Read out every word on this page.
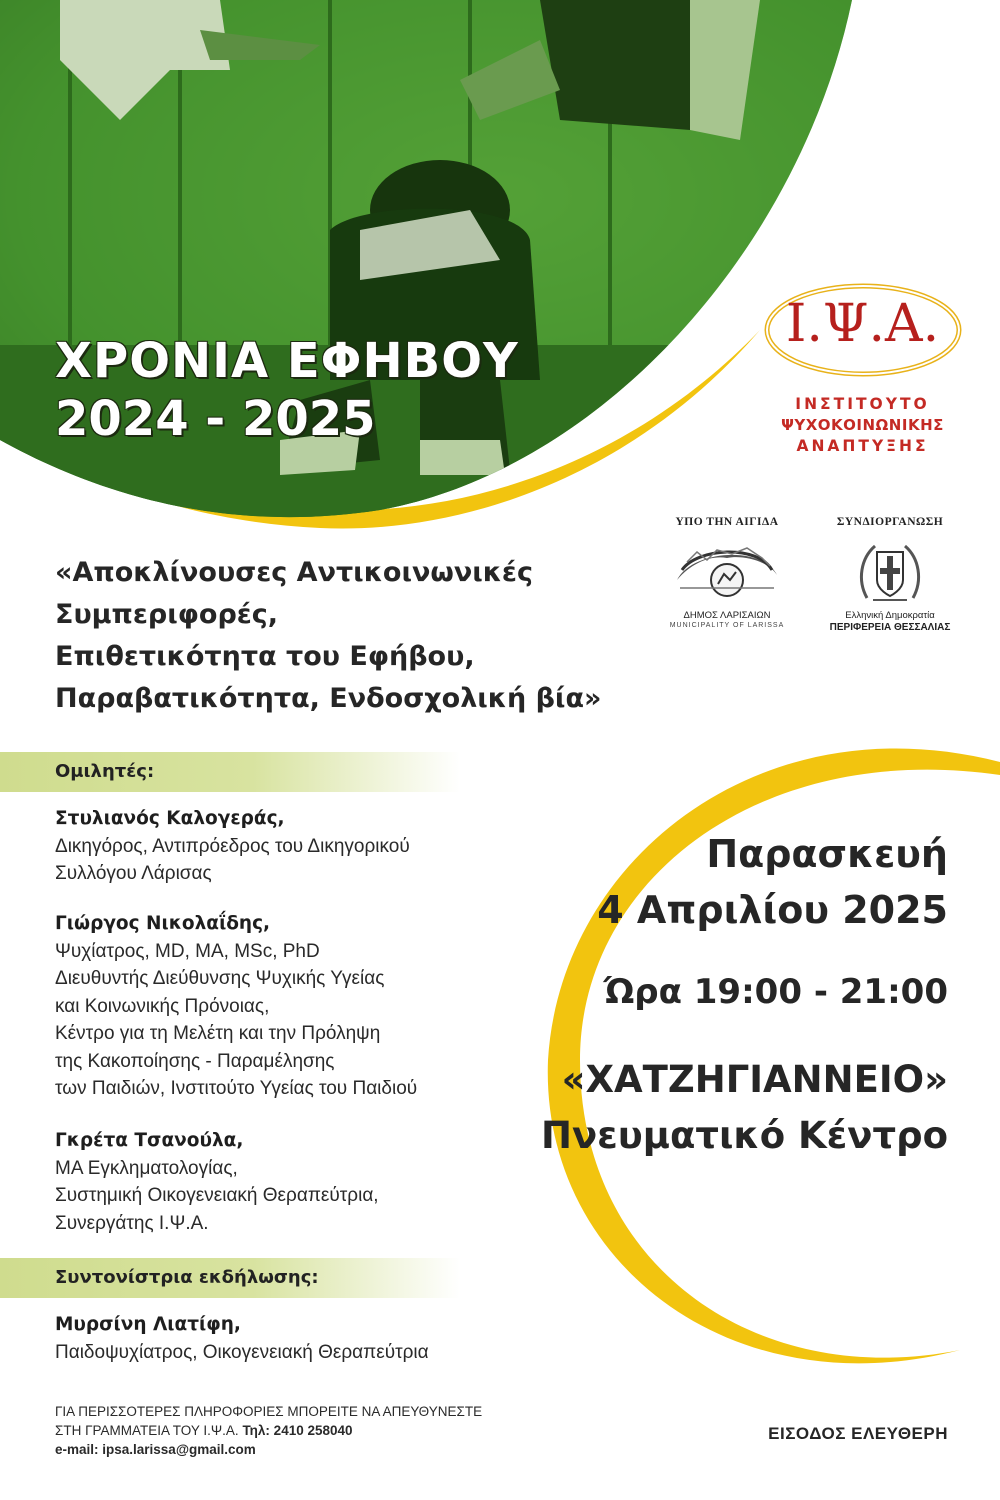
ΧΡΟΝΙΑ ΕΦΗΒΟΥ
2024 - 2025
Ι.Ψ.Α.
ΙΝΣΤΙΤΟΥΤΟ
ΨΥΧΟΚΟΙΝΩΝΙΚΗΣ
ΑΝΑΠΤΥΞΗΣ
ΥΠΟ ΤΗΝ ΑΙΓΙΔΑ
ΔΗΜΟΣ ΛΑΡΙΣΑΙΩΝ
MUNICIPALITY OF LARISSA
ΣΥΝΔΙΟΡΓΑΝΩΣΗ
Ελληνική Δημοκρατία
ΠΕΡΙΦΕΡΕΙΑ ΘΕΣΣΑΛΙΑΣ
«Αποκλίνουσες Αντικοινωνικές
Συμπεριφορές,
Επιθετικότητα του Εφήβου,
Παραβατικότητα, Ενδοσχολική βία»
Ομιλητές:
Στυλιανός Καλογεράς,
Δικηγόρος, Αντιπρόεδρος του Δικηγορικού
Συλλόγου Λάρισας
Γιώργος Νικολαΐδης,
Ψυχίατρος, MD, MA, MSc, PhD
Διευθυντής Διεύθυνσης Ψυχικής Υγείας
και Κοινωνικής Πρόνοιας,
Κέντρο για τη Μελέτη και την Πρόληψη
της Κακοποίησης - Παραμέλησης
των Παιδιών, Ινστιτούτο Υγείας του Παιδιού
Γκρέτα Τσανούλα,
MA Εγκληματολογίας,
Συστημική Οικογενειακή Θεραπεύτρια,
Συνεργάτης Ι.Ψ.Α.
Συντονίστρια εκδήλωσης:
Μυρσίνη Λιατίφη,
Παιδοψυχίατρος, Οικογενειακή Θεραπεύτρια
Παρασκευή
4 Απριλίου 2025
Ώρα 19:00 - 21:00
«ΧΑΤΖΗΓΙΑΝΝΕΙΟ»
Πνευματικό Κέντρο
ΓΙΑ ΠΕΡΙΣΣΟΤΕΡΕΣ ΠΛΗΡΟΦΟΡΙΕΣ ΜΠΟΡΕΙΤΕ ΝΑ ΑΠΕΥΘΥΝΕΣΤΕ
ΣΤΗ ΓΡΑΜΜΑΤΕΙΑ ΤΟΥ Ι.Ψ.Α. Τηλ: 2410 258040
e-mail: ipsa.larissa@gmail.com
ΕΙΣΟΔΟΣ ΕΛΕΥΘΕΡΗ
